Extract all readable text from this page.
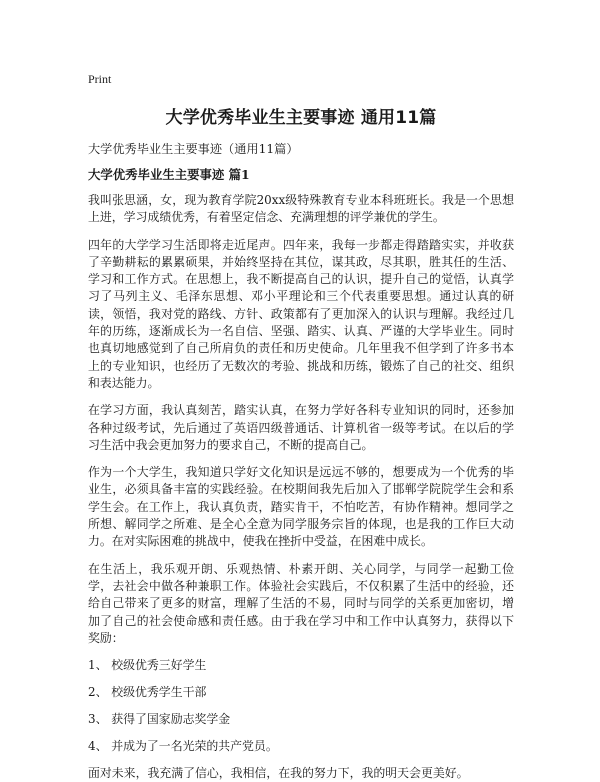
Print
大学优秀毕业生主要事迹 通用11篇

大学优秀毕业生主要事迹（通用11篇）

大学优秀毕业生主要事迹 篇1

我叫张思涵，女，现为教育学院20xx级特殊教育专业本科班班长。我是一个思想上进，学习成绩优秀，有着坚定信念、充满理想的评学兼优的学生。

四年的大学学习生活即将走近尾声。四年来，我每一步都走得踏踏实实，并收获了辛勤耕耘的累累硕果，并始终坚持在其位，谋其政，尽其职，胜其任的生活、学习和工作方式。在思想上，我不断提高自己的认识，提升自己的觉悟，认真学习了马列主义、毛泽东思想、邓小平理论和三个代表重要思想。通过认真的研读，领悟，我对党的路线、方针、政策都有了更加深入的认识与理解。我经过几年的历练，逐渐成长为一名自信、坚强、踏实、认真、严谨的大学毕业生。同时也真切地感觉到了自己所肩负的责任和历史使命。几年里我不但学到了许多书本上的专业知识，也经历了无数次的考验、挑战和历练，锻炼了自己的社交、组织和表达能力。

在学习方面，我认真刻苦，踏实认真，在努力学好各科专业知识的同时，还参加各种过级考试，先后通过了英语四级普通话、计算机省一级等考试。在以后的学习生活中我会更加努力的要求自己，不断的提高自己。

作为一个大学生，我知道只学好文化知识是远远不够的，想要成为一个优秀的毕业生，必须具备丰富的实践经验。在校期间我先后加入了邯郸学院院学生会和系学生会。在工作上，我认真负责，踏实肯干，不怕吃苦，有协作精神。想同学之所想、解同学之所难、是全心全意为同学服务宗旨的体现，也是我的工作巨大动力。在对实际困难的挑战中，使我在挫折中受益，在困难中成长。

在生活上，我乐观开朗、乐观热情、朴素开朗、关心同学，与同学一起勤工俭学，去社会中做各种兼职工作。体验社会实践后，不仅积累了生活中的经验，还给自己带来了更多的财富，理解了生活的不易，同时与同学的关系更加密切，增加了自己的社会使命感和责任感。由于我在学习中和工作中认真努力，获得以下奖励：

1、 校级优秀三好学生

2、 校级优秀学生干部

3、 获得了国家励志奖学金

4、 并成为了一名光荣的共产党员。

面对未来，我充满了信心，我相信，在我的努力下，我的明天会更美好。
